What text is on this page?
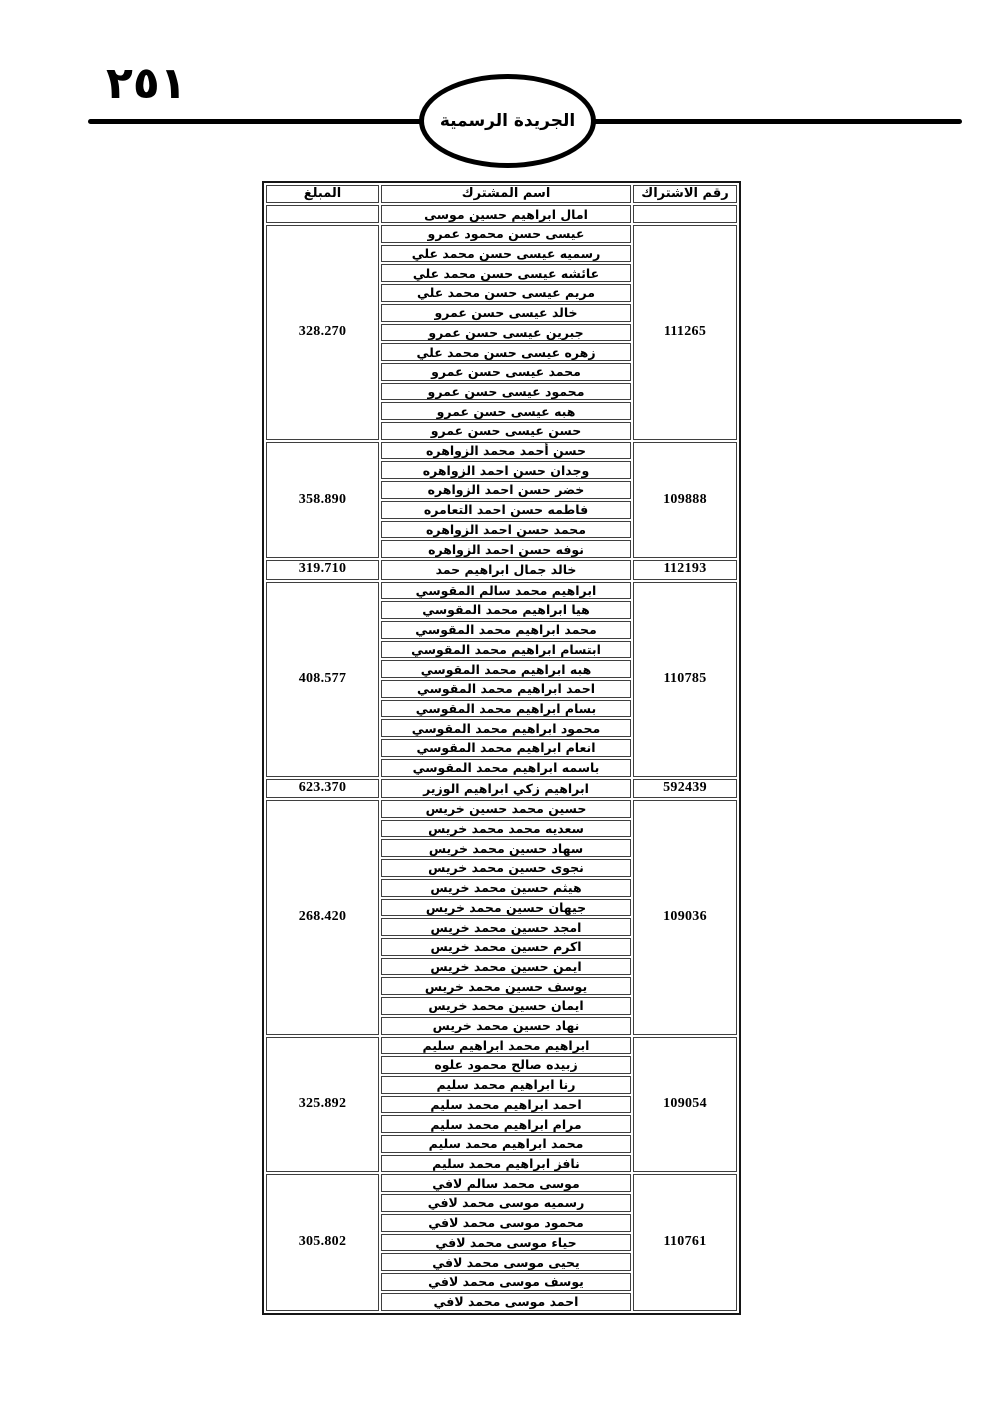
٢٥١
الجريدة الرسمية
رقم الاشتراك	اسم المشترك	المبلغ
	امال ابراهيم حسين موسى	
111265	عيسى حسن محمود عمرو	328.270
	رسميه عيسى حسن محمد علي	
	عائشه عيسى حسن محمد علي	
	مريم عيسى حسن محمد علي	
	خالد عيسى حسن عمرو	
	جبرين عيسى حسن عمرو	
	زهره عيسى حسن محمد علي	
	محمد عيسى حسن عمرو	
	محمود عيسى حسن عمرو	
	هبه عيسى حسن عمرو	
	حسن عيسى حسن عمرو	
109888	حسن أحمد محمد الزواهره	358.890
	وجدان حسن احمد الزواهره	
	خضر حسن احمد الزواهره	
	فاطمه حسن احمد التعامره	
	محمد حسن احمد الزواهره	
	نوفه حسن احمد الزواهره	
112193	خالد جمال ابراهيم حمد	319.710
110785	ابراهيم محمد سالم المقوسي	408.577
	هيا ابراهيم محمد المقوسي	
	محمد ابراهيم محمد المقوسي	
	ابتسام ابراهيم محمد المقوسي	
	هبه ابراهيم محمد المقوسي	
	احمد ابراهيم محمد المقوسي	
	بسام ابراهيم محمد المقوسي	
	محمود ابراهيم محمد المقوسي	
	انعام ابراهيم محمد المقوسي	
	باسمه ابراهيم محمد المقوسي	
592439	ابراهيم زكي ابراهيم الوزير	623.370
109036	حسين محمد حسين خريس	268.420
	سعديه محمد محمد خريس	
	سهاد حسين محمد خريس	
	نجوى حسين محمد خريس	
	هيثم حسين محمد خريس	
	جيهان حسين محمد خريس	
	امجد حسين محمد خريس	
	اكرم حسين محمد خريس	
	ايمن حسين محمد خريس	
	يوسف حسين محمد خريس	
	ايمان حسين محمد خريس	
	نهاد حسين محمد خريس	
109054	ابراهيم محمد ابراهيم سليم	325.892
	زبيده صالح محمود علوه	
	رنا ابراهيم محمد سليم	
	احمد ابراهيم محمد سليم	
	مرام ابراهيم محمد سليم	
	محمد ابراهيم محمد سليم	
	نافز ابراهيم محمد سليم	
110761	موسى محمد سالم لافي	305.802
	رسميه موسى محمد لافي	
	محمود موسى محمد لافي	
	حياء موسى محمد لافي	
	يحيى موسى محمد لافي	
	يوسف موسى محمد لافي	
	احمد موسى محمد لافي	
